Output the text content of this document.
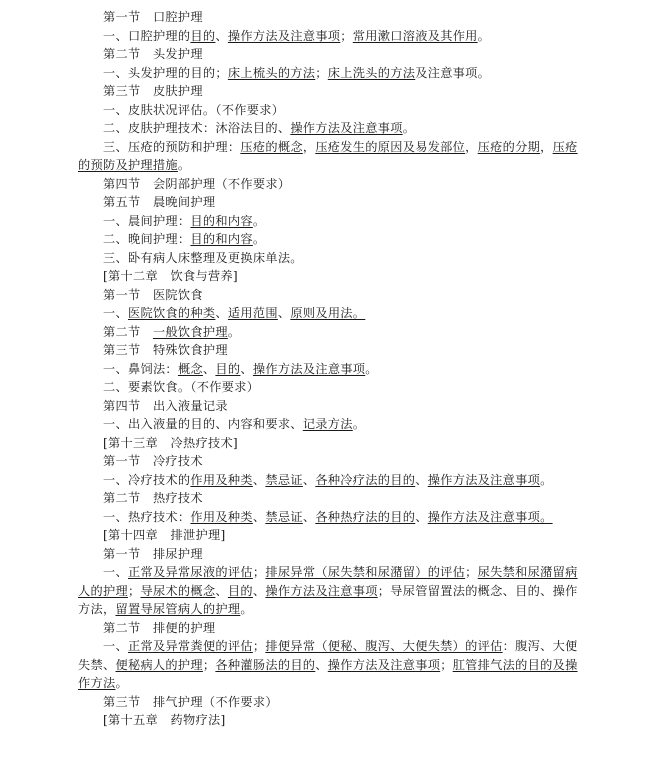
第一节　口腔护理
一、口腔护理的目的、操作方法及注意事项；常用漱口溶液及其作用。
第二节　头发护理
一、头发护理的目的；床上梳头的方法；床上洗头的方法及注意事项。
第三节　皮肤护理
一、皮肤状况评估。（不作要求）
二、皮肤护理技术：沐浴法目的、操作方法及注意事项。
三、压疮的预防和护理：压疮的概念，压疮发生的原因及易发部位，压疮的分期，压疮
的预防及护理措施。
第四节　会阴部护理（不作要求）
第五节　晨晚间护理
一、晨间护理：目的和内容。
二、晚间护理：目的和内容。
三、卧有病人床整理及更换床单法。
[第十二章　饮食与营养]
第一节　医院饮食
一、医院饮食的种类、适用范围、原则及用法。
第二节　一般饮食护理。
第三节　特殊饮食护理
一、鼻饲法：概念、目的、操作方法及注意事项。
二、要素饮食。（不作要求）
第四节　出入液量记录
一、出入液量的目的、内容和要求、记录方法。
[第十三章　冷热疗技术]
第一节　冷疗技术
一、冷疗技术的作用及种类、禁忌证、各种冷疗法的目的、操作方法及注意事项。
第二节　热疗技术
一、热疗技术：作用及种类、禁忌证、各种热疗法的目的、操作方法及注意事项。
[第十四章　排泄护理]
第一节　排尿护理
一、正常及异常尿液的评估；排尿异常（尿失禁和尿潴留）的评估；尿失禁和尿潴留病
人的护理；导尿术的概念、目的、操作方法及注意事项；导尿管留置法的概念、目的、操作
方法，留置导尿管病人的护理。
第二节　排便的护理
一、正常及异常粪便的评估；排便异常（便秘、腹泻、大便失禁）的评估：腹泻、大便
失禁、便秘病人的护理；各种灌肠法的目的、操作方法及注意事项；肛管排气法的目的及操
作方法。
第三节　排气护理（不作要求）
[第十五章　药物疗法]
